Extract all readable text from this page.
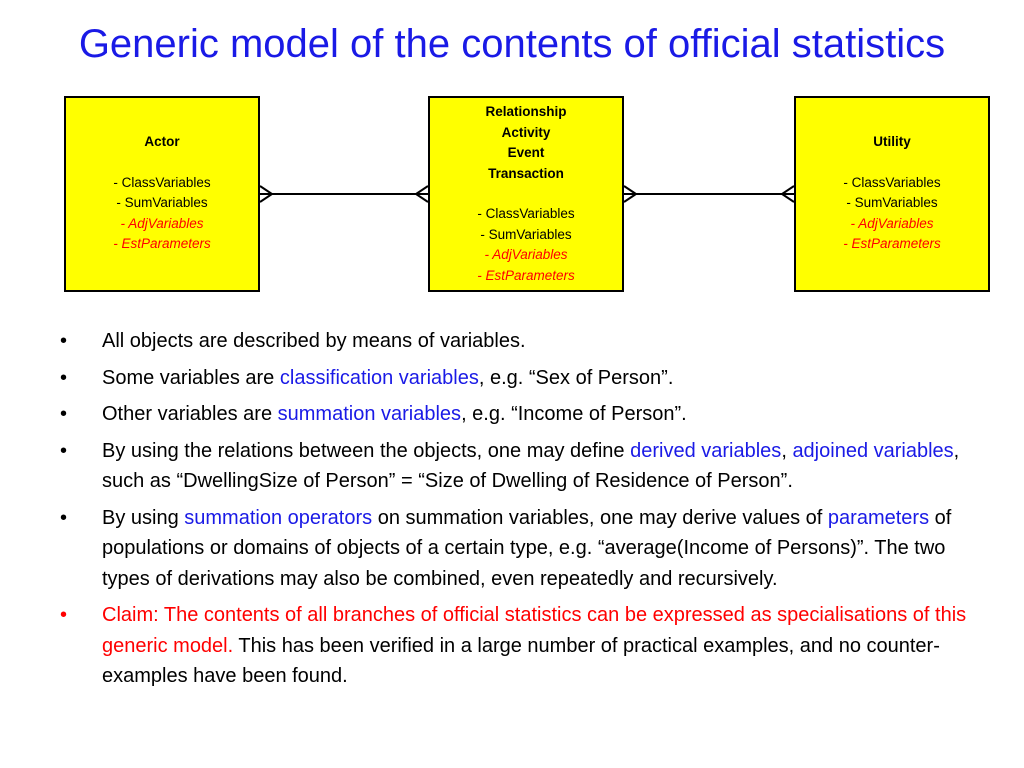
Generic model of the contents of official statistics
Actor
- ClassVariables
- SumVariables
- AdjVariables
- EstParameters
Relationship
Activity
Event
Transaction
- ClassVariables
- SumVariables
- AdjVariables
- EstParameters
Utility
- ClassVariables
- SumVariables
- AdjVariables
- EstParameters
• All objects are described by means of variables.
• Some variables are classification variables, e.g. “Sex of Person”.
• Other variables are summation variables, e.g. “Income of Person”.
• By using the relations between the objects, one may define derived variables, adjoined variables, such as “DwellingSize of Person” = “Size of Dwelling of Residence of Person”.
• By using summation operators on summation variables, one may derive values of parameters of populations or domains of objects of a certain type, e.g. “average(Income of Persons)”. The two types of derivations may also be combined, even repeatedly and recursively.
• Claim: The contents of all branches of official statistics can be expressed as specialisations of this generic model. This has been verified in a large number of practical examples, and no counter-examples have been found.
